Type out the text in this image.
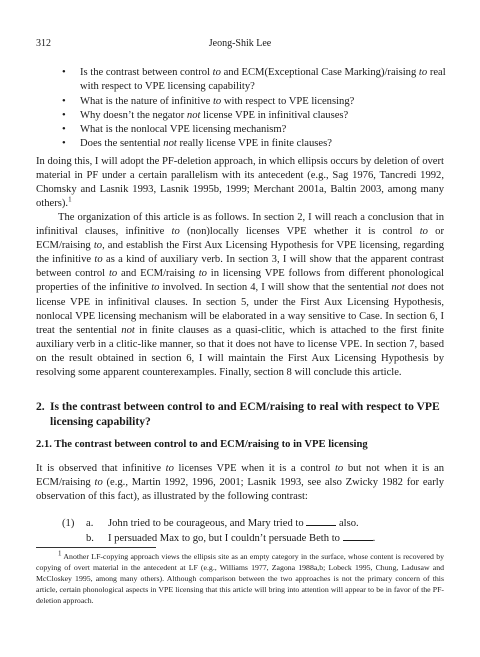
312	Jeong-Shik Lee
• Is the contrast between control to and ECM(Exceptional Case Marking)/raising to real with respect to VPE licensing capability?
• What is the nature of infinitive to with respect to VPE licensing?
• Why doesn’t the negator not license VPE in infinitival clauses?
• What is the nonlocal VPE licensing mechanism?
• Does the sentential not really license VPE in finite clauses?

In doing this, I will adopt the PF-deletion approach, in which ellipsis occurs by deletion of overt material in PF under a certain parallelism with its antecedent (e.g., Sag 1976, Tancredi 1992, Chomsky and Lasnik 1993, Lasnik 1995b, 1999; Merchant 2001a, Baltin 2003, among many others).$^1$

The organization of this article is as follows. In section 2, I will reach a conclusion that in infinitival clauses, infinitive to (non)locally licenses VPE whether it is control to or ECM/raising to, and establish the First Aux Licensing Hypothesis for VPE licensing, regarding the infinitive to as a kind of auxiliary verb. In section 3, I will show that the apparent contrast between control to and ECM/raising to in licensing VPE follows from different phonological properties of the infinitive to involved. In section 4, I will show that the sentential not does not license VPE in infinitival clauses. In section 5, under the First Aux Licensing Hypothesis, nonlocal VPE licensing mechanism will be elaborated in a way sensitive to Case. In section 6, I treat the sentential not in finite clauses as a quasi-clitic, which is attached to the first finite auxiliary verb in a clitic-like manner, so that it does not have to license VPE. In section 7, based on the result obtained in section 6, I will maintain the First Aux Licensing Hypothesis by resolving some apparent counterexamples. Finally, section 8 will conclude this article.

2. Is the contrast between control to and ECM/raising to real with respect to VPE
licensing capability?
2.1. The contrast between control to and ECM/raising to in VPE licensing

It is observed that infinitive to licenses VPE when it is a control to but not when it is an ECM/raising to (e.g., Martin 1992, 1996, 2001; Lasnik 1993, see also Zwicky 1982 for early observation of this fact), as illustrated by the following contrast:

(1) a. John tried to be courageous, and Mary tried to	also.
b. I persuaded Max to go, but I couldn’t persuade Beth to	.

$^1$ Another LF-copying approach views the ellipsis site as an empty category in the surface, whose content is recovered by copying of overt material in the antecedent at LF (e.g., Williams 1977, Zagona 1988a,b; Lobeck 1995, Chung, Ladusaw and McCloskey 1995, among many others). Although comparison between the two approaches is not the primary concern of this article, certain phonological aspects in VPE licensing that this article will bring into attention will appear to be in favor of the PF-deletion approach.
